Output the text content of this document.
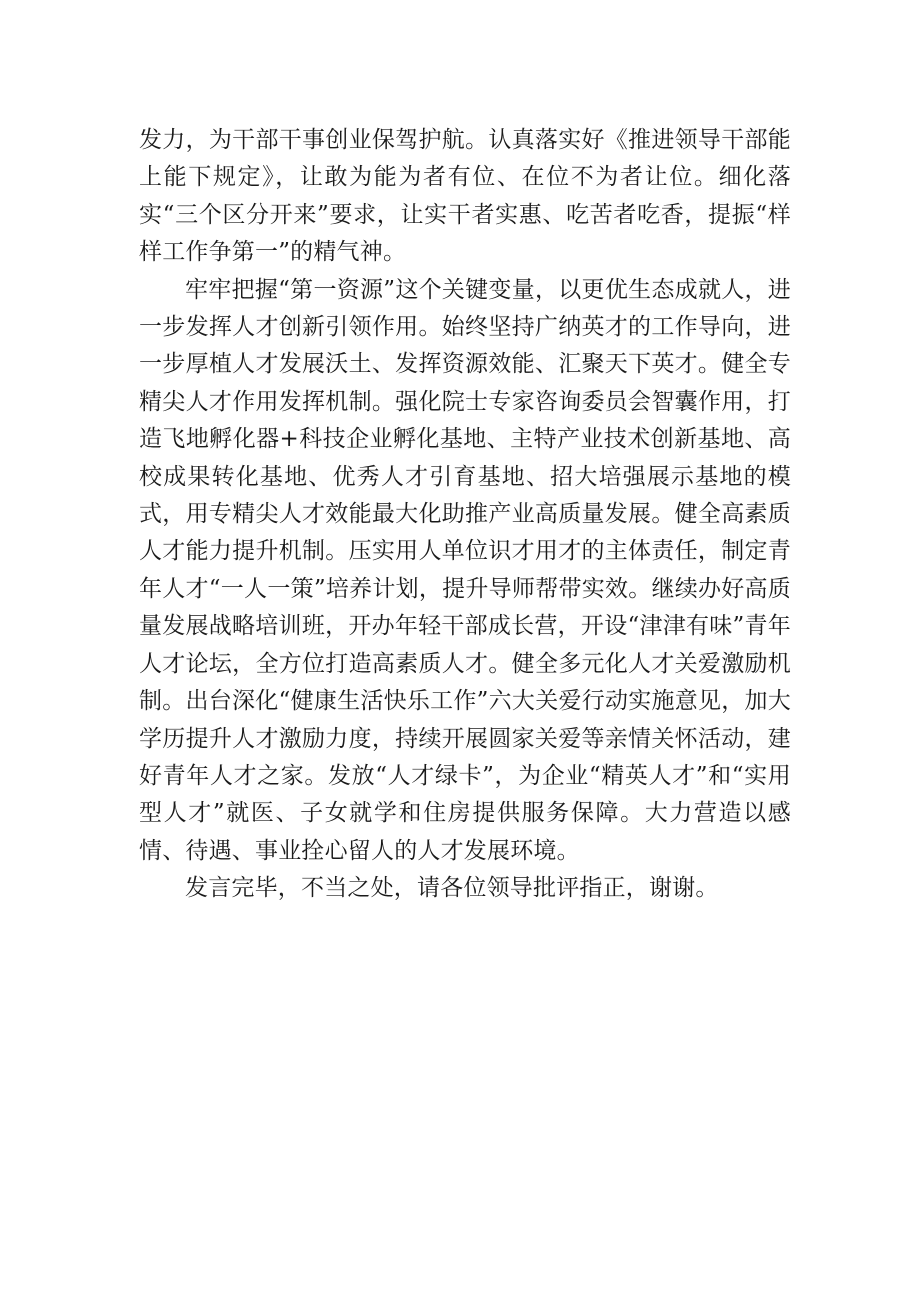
发力，为干部干事创业保驾护航。认真落实好《推进领导干部能上能下规定》，让敢为能为者有位、在位不为者让位。细化落实“三个区分开来”要求，让实干者实惠、吃苦者吃香，提振“样样工作争第一”的精气神。

牢牢把握“第一资源”这个关键变量，以更优生态成就人，进一步发挥人才创新引领作用。始终坚持广纳英才的工作导向，进一步厚植人才发展沃土、发挥资源效能、汇聚天下英才。健全专精尖人才作用发挥机制。强化院士专家咨询委员会智囊作用，打造飞地孵化器+科技企业孵化基地、主特产业技术创新基地、高校成果转化基地、优秀人才引育基地、招大培强展示基地的模式，用专精尖人才效能最大化助推产业高质量发展。健全高素质人才能力提升机制。压实用人单位识才用才的主体责任，制定青年人才“一人一策”培养计划，提升导师帮带实效。继续办好高质量发展战略培训班，开办年轻干部成长营，开设“津津有味”青年人才论坛，全方位打造高素质人才。健全多元化人才关爱激励机制。出台深化“健康生活快乐工作”六大关爱行动实施意见，加大学历提升人才激励力度，持续开展圆家关爱等亲情关怀活动，建好青年人才之家。发放“人才绿卡”，为企业“精英人才”和“实用型人才”就医、子女就学和住房提供服务保障。大力营造以感情、待遇、事业拴心留人的人才发展环境。

发言完毕，不当之处，请各位领导批评指正，谢谢。
